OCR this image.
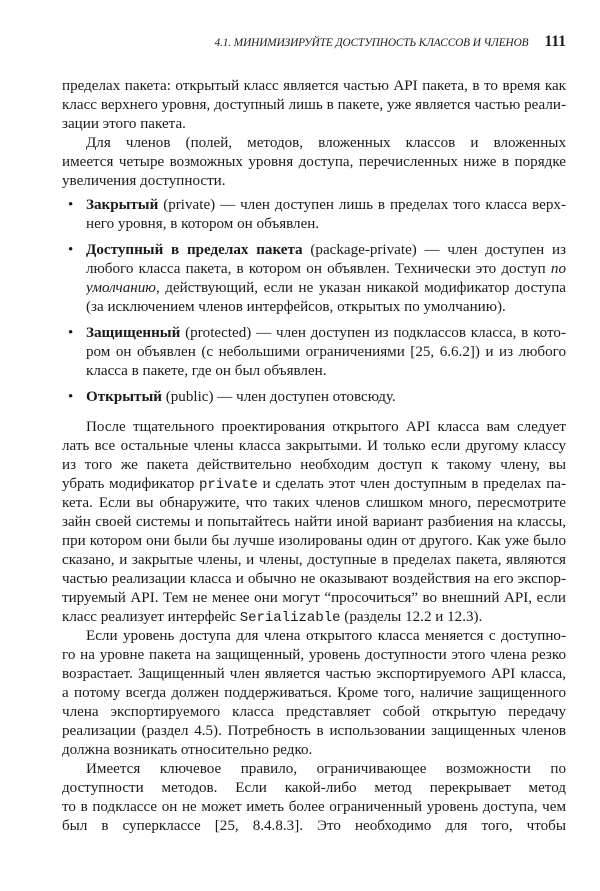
4.1. МИНИМИЗИРУЙТЕ ДОСТУПНОСТЬ КЛАССОВ И ЧЛЕНОВ 111
пределах пакета: открытый класс является частью API пакета, в то время как
класс верхнего уровня, доступный лишь в пакете, уже является частью реали-
зации этого пакета.
Для членов (полей, методов, вложенных классов и вложенных
имеется четыре возможных уровня доступа, перечисленных ниже в порядке
увеличения доступности.
• Закрытый (private) — член доступен лишь в пределах того класса верх-
него уровня, в котором он объявлен.
• Доступный в пределах пакета (package-private) — член доступен из
любого класса пакета, в котором он объявлен. Технически это доступ по
умолчанию, действующий, если не указан никакой модификатор доступа
(за исключением членов интерфейсов, открытых по умолчанию).
• Защищенный (protected) — член доступен из подклассов класса, в кото-
ром он объявлен (с небольшими ограничениями [25, 6.6.2]) и из любого
класса в пакете, где он был объявлен.
• Открытый (public) — член доступен отовсюду.
После тщательного проектирования открытого API класса вам следует
лать все остальные члены класса закрытыми. И только если другому классу
из того же пакета действительно необходим доступ к такому члену, вы
убрать модификатор private и сделать этот член доступным в пределах па-
кета. Если вы обнаружите, что таких членов слишком много, пересмотрите
зайн своей системы и попытайтесь найти иной вариант разбиения на классы,
при котором они были бы лучше изолированы один от другого. Как уже было
сказано, и закрытые члены, и члены, доступные в пределах пакета, являются
частью реализации класса и обычно не оказывают воздействия на его экспор-
тируемый API. Тем не менее они могут “просочиться” во внешний API, если
класс реализует интерфейс Serializable (разделы 12.2 и 12.3).
Если уровень доступа для члена открытого класса меняется с доступно-
го на уровне пакета на защищенный, уровень доступности этого члена резко
возрастает. Защищенный член является частью экспортируемого API класса,
а потому всегда должен поддерживаться. Кроме того, наличие защищенного
члена экспортируемого класса представляет собой открытую передачу
реализации (раздел 4.5). Потребность в использовании защищенных членов
должна возникать относительно редко.
Имеется ключевое правило, ограничивающее возможности по
доступности методов. Если какой-либо метод перекрывает метод
то в подклассе он не может иметь более ограниченный уровень доступа, чем
был в суперклассе [25, 8.4.8.3]. Это необходимо для того, чтобы
